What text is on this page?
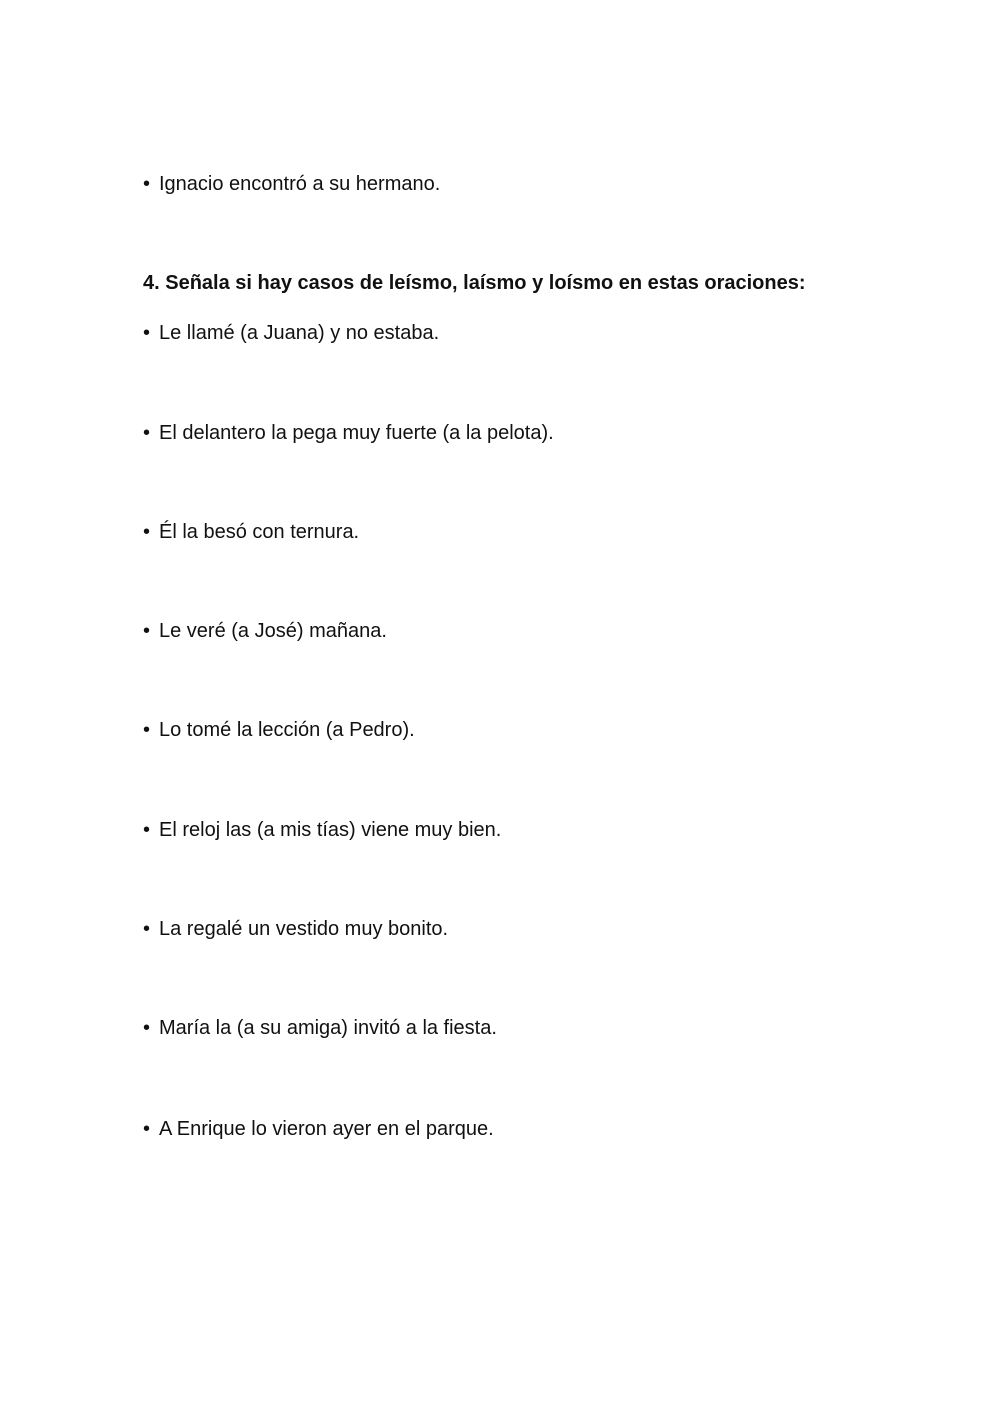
• Ignacio encontró a su hermano.
4. Señala si hay casos de leísmo, laísmo y loísmo en estas oraciones:
• Le llamé (a Juana) y no estaba.
• El delantero la pega muy fuerte (a la pelota).
• Él la besó con ternura.
• Le veré (a José) mañana.
• Lo tomé la lección (a Pedro).
• El reloj las (a mis tías) viene muy bien.
• La regalé un vestido muy bonito.
• María la (a su amiga) invitó a la fiesta.
• A Enrique lo vieron ayer en el parque.
